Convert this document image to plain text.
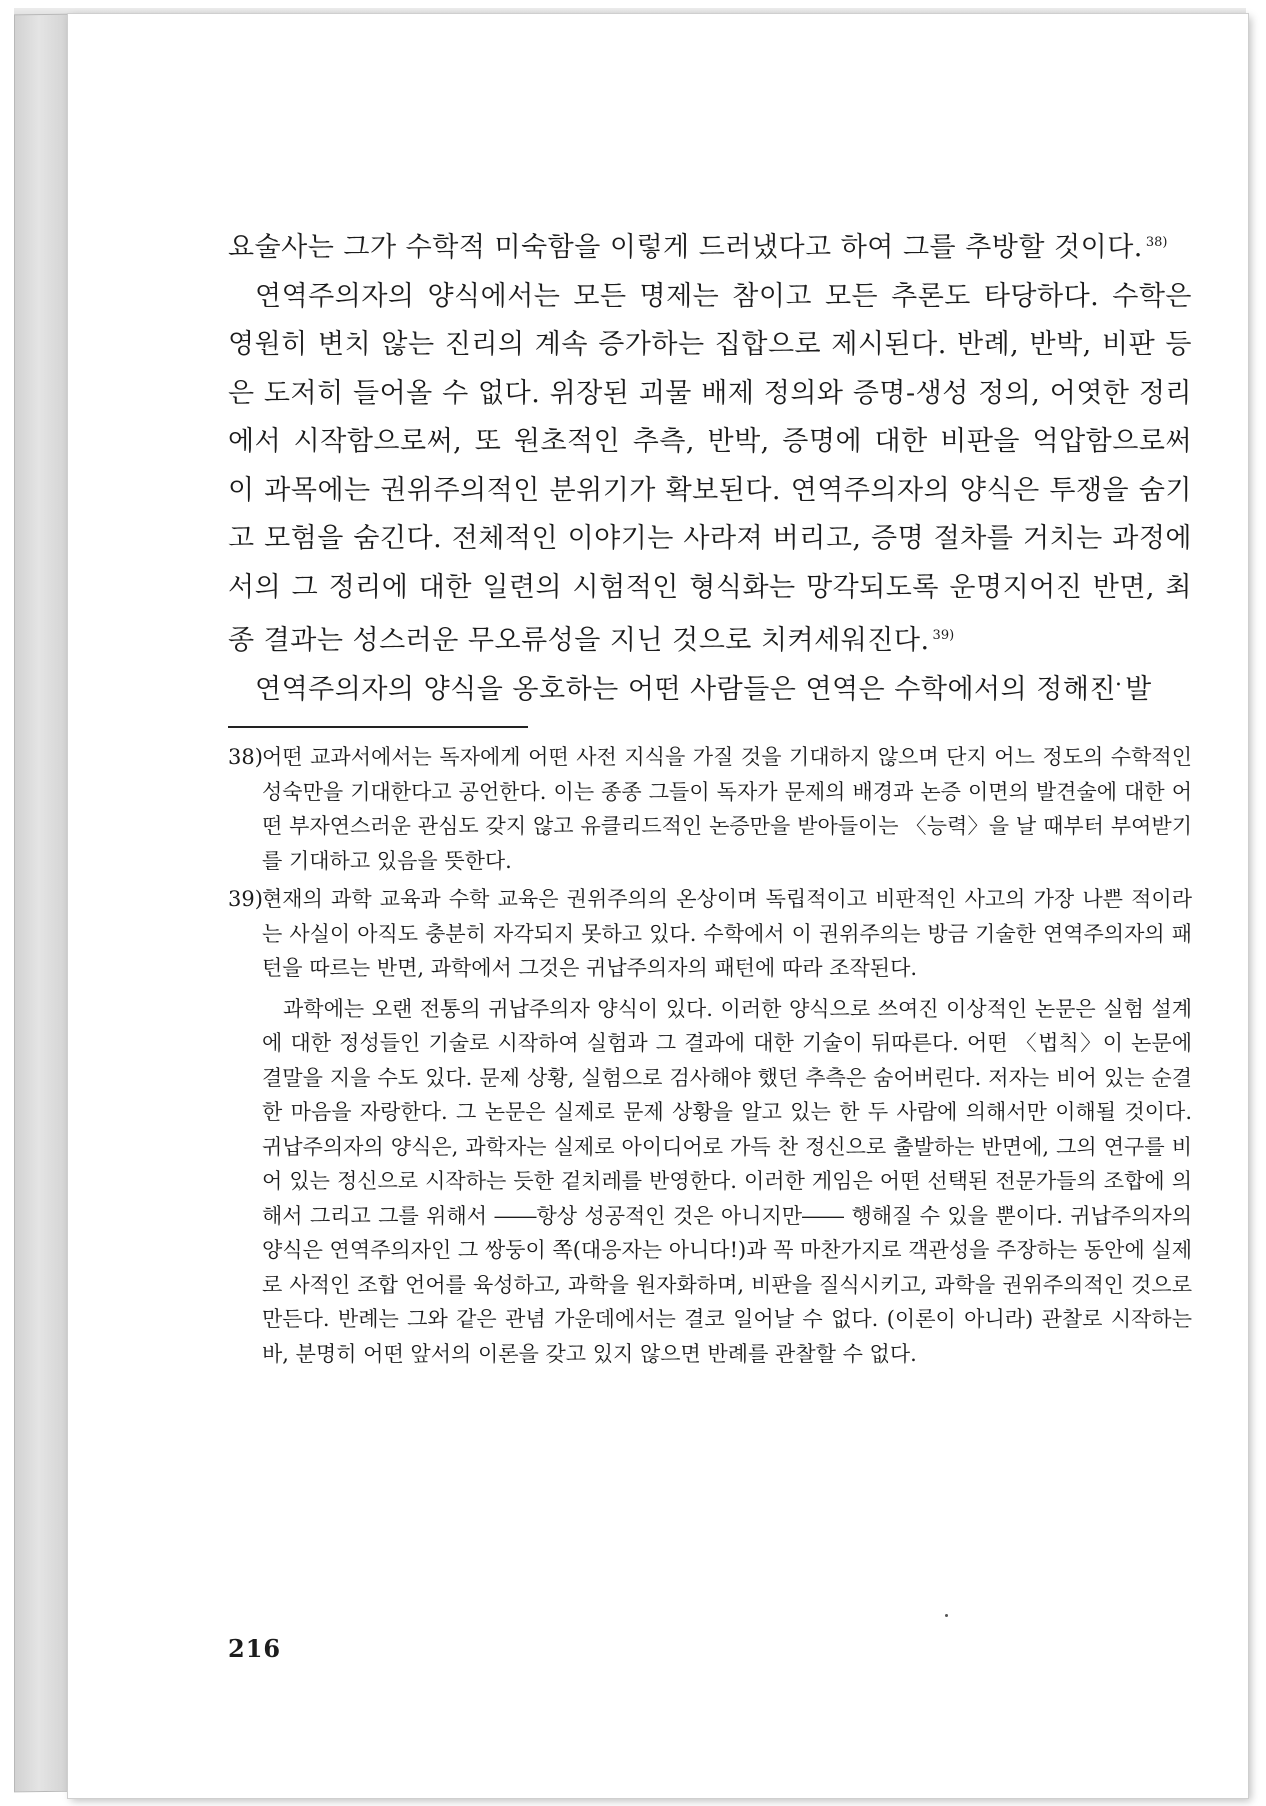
요술사는 그가 수학적 미숙함을 이렇게 드러냈다고 하여 그를 추방할 것이다. $^{38)}$

연역주의자의 양식에서는 모든 명제는 참이고 모든 추론도 타당하다. 수학은 영원히 변치 않는 진리의 계속 증가하는 집합으로 제시된다. 반례, 반박, 비판 등은 도저히 들어올 수 없다. 위장된 괴물 배제 정의와 증명-생성 정의, 어엿한 정리에서 시작함으로써, 또 원초적인 추측, 반박, 증명에 대한 비판을 억압함으로써 이 과목에는 권위주의적인 분위기가 확보된다. 연역주의자의 양식은 투쟁을 숨기고 모험을 숨긴다. 전체적인 이야기는 사라져 버리고, 증명 절차를 거치는 과정에서의 그 정리에 대한 일련의 시험적인 형식화는 망각되도록 운명지어진 반면, 최종 결과는 성스러운 무오류성을 지닌 것으로 치켜세워진다. $^{39)}$

연역주의자의 양식을 옹호하는 어떤 사람들은 연역은 수학에서의 • • • 정해진 발

38) 어떤 교과서에서는 독자에게 어떤 사전 지식을 가질 것을 기대하지 않으며 단지 어느 정도의 수학적인 성숙만을 기대한다고 공언한다. 이는 종종 그들이 독자가 문제의 배경과 논증 이면의 발견술에 대한 어떤 부자연스러운 관심도 갖지 않고 유클리드적인 논증만을 받아들이는 〈능력〉을 날 때부터 부여받기를 기대하고 있음을 뜻한다.
39) 현재의 과학 교육과 수학 교육은 권위주의의 온상이며 독립적이고 비판적인 사고의 가장 나쁜 적이라는 사실이 아직도 충분히 자각되지 못하고 있다. 수학에서 이 권위주의는 방금 기술한 연역주의자의 패턴을 따르는 반면, 과학에서 그것은 귀납주의자의 패턴에 따라 조작된다.

과학에는 오랜 전통의 귀납주의자 양식이 있다. 이러한 양식으로 쓰여진 이상적인 논문은 실험 설계에 대한 정성들인 기술로 시작하여 실험과 그 결과에 대한 기술이 뒤따른다. 어떤 〈법칙〉이 논문에 결말을 지을 수도 있다. 문제 상황, 실험으로 검사해야 했던 추측은 숨어버린다. 저자는 비어 있는 순결한 마음을 자랑한다. 그 논문은 실제로 문제 상황을 알고 있는 한 두 사람에 의해서만 이해될 것이다. 귀납주의자의 양식은, 과학자는 실제로 아이디어로 가득 찬 정신으로 출발하는 반면에, 그의 연구를 비어 있는 정신으로 시작하는 듯한 겉치레를 반영한다. 이러한 게임은 어떤 선택된 전문가들의 조합에 의해서 그리고 그를 위해서 ――항상 성공적인 것은 아니지만―― 행해질 수 있을 뿐이다. 귀납주의자의 양식은 연역주의자인 그 쌍둥이 쪽(대응자는 아니다!)과 꼭 마찬가지로 객관성을 주장하는 동안에 실제로 사적인 조합 언어를 육성하고, 과학을 원자화하며, 비판을 질식시키고, 과학을 권위주의적인 것으로 만든다. 반례는 그와 같은 관념 가운데에서는 결코 일어날 수 없다. (이론이 아니라) 관찰로 시작하는바, 분명히 어떤 앞서의 이론을 갖고 있지 않으면 반례를 관찰할 수 없다.

216
